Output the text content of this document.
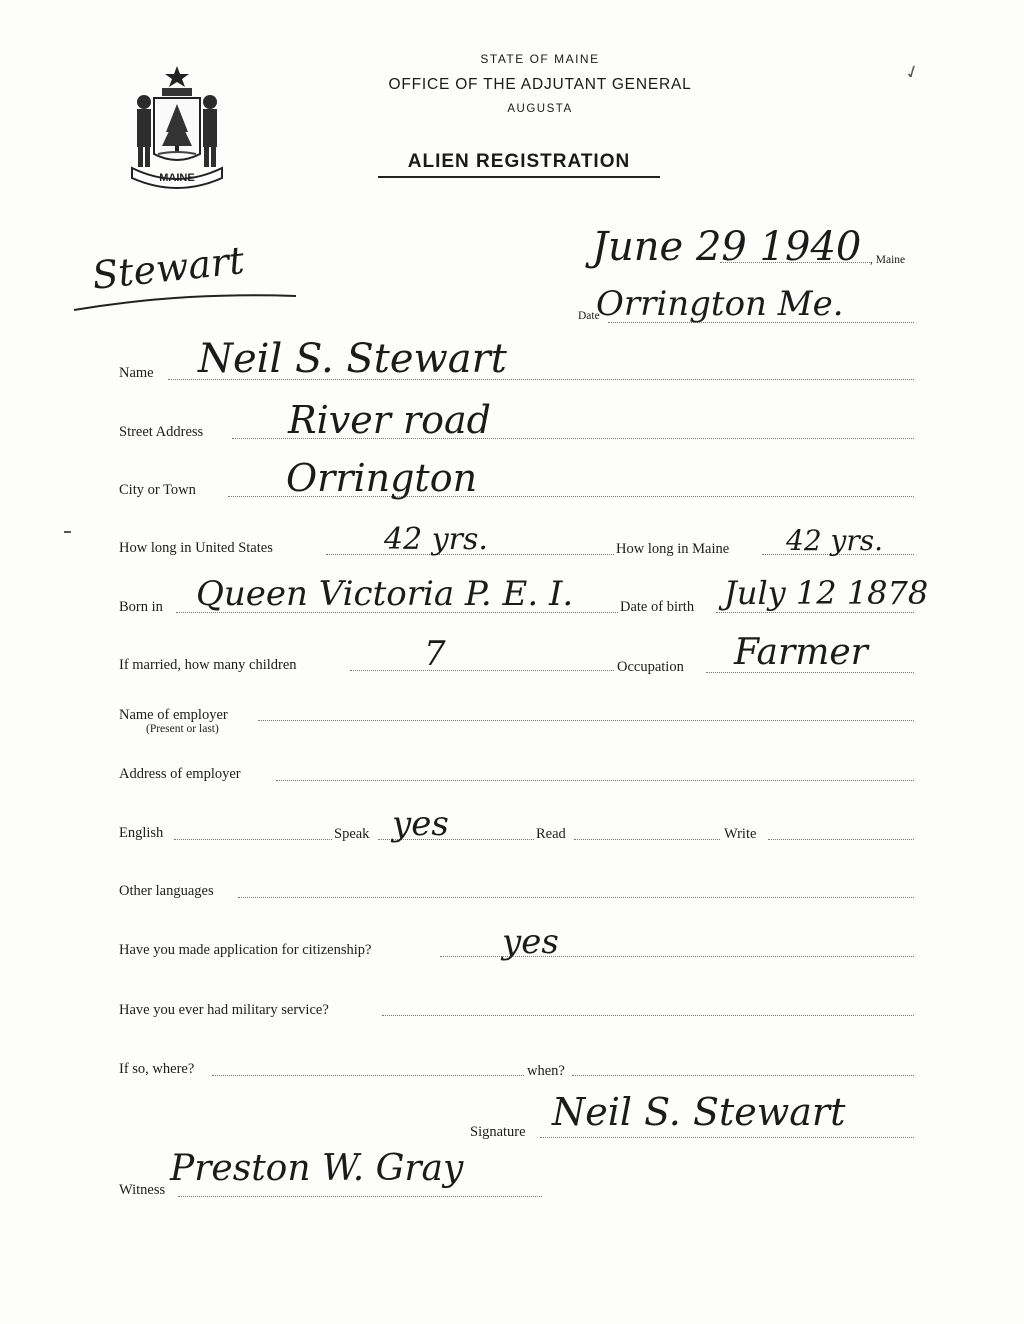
MAINE
STATE OF MAINE
OFFICE OF THE ADJUTANT GENERAL
AUGUSTA
ALIEN REGISTRATION
✓
Stewart	June 29 1940 , Maine
Date
Orrington Me.
Name Neil S. Stewart
Street Address River road
City or Town Orrington
How long in United States	42 yrs.	How long in Maine 42 yrs.
Born in Queen Victoria P. E. I.	Date of birth July 12 1878
If married, how many children	7	Occupation Farmer
Name of employer
(Present or last)
Address of employer
English	Speak yes	Read	Write
Other languages
Have you made application for citizenship?	yes
Have you ever had military service?
If so, where?	when?
Signature Neil S. Stewart
Witness
Preston W. Gray
